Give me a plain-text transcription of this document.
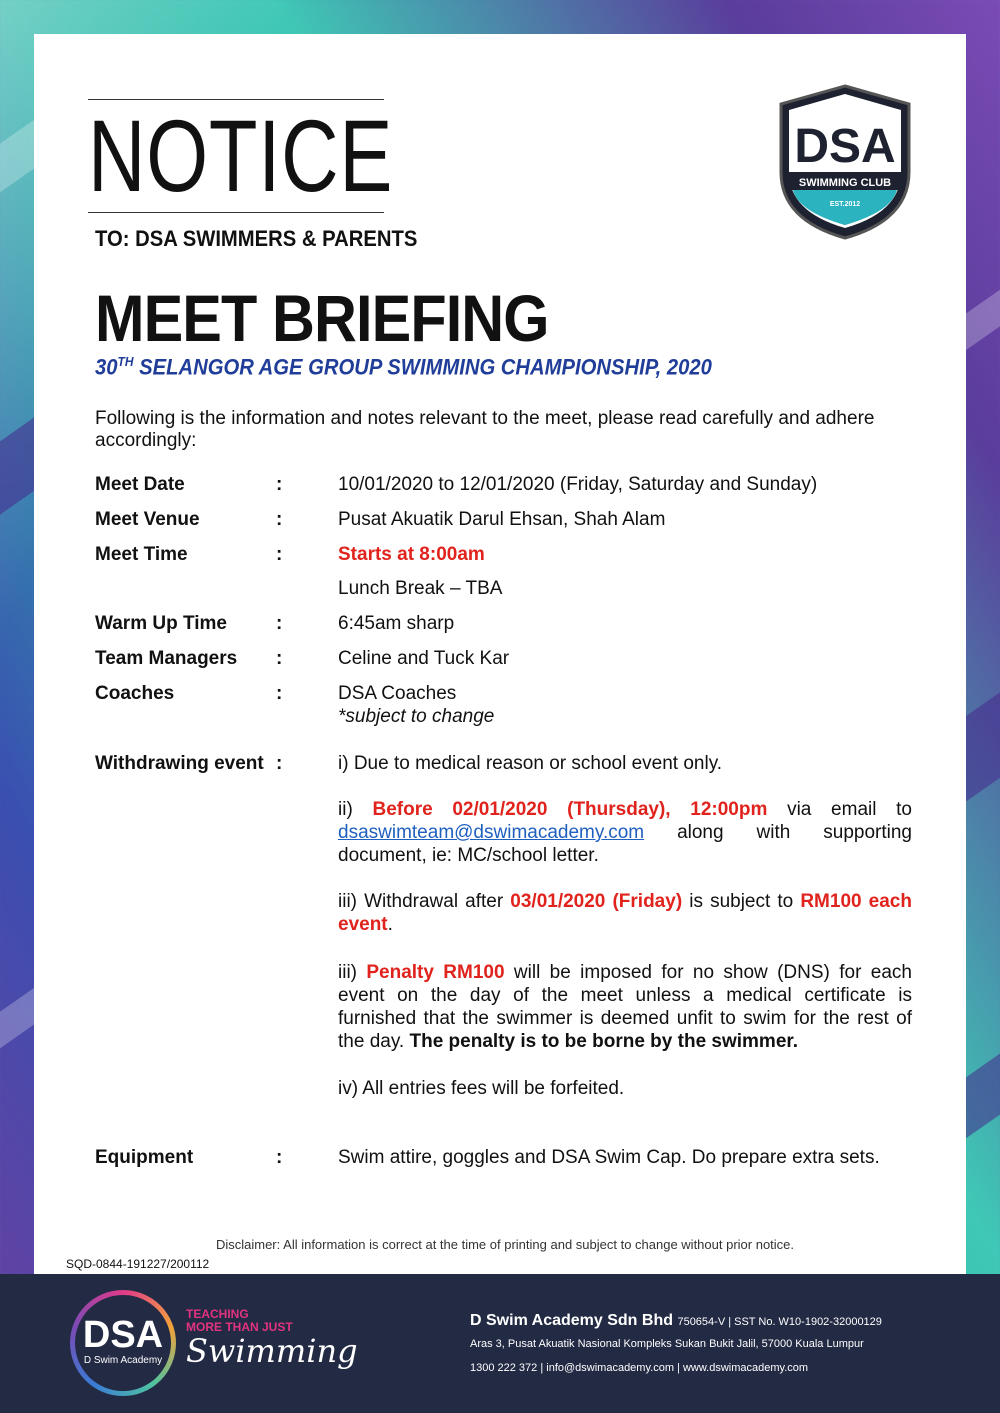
NOTICE
TO: DSA SWIMMERS & PARENTS
DSA
SWIMMING CLUB
EST.2012
MEET BRIEFING
30TH SELANGOR AGE GROUP SWIMMING CHAMPIONSHIP, 2020
Following is the information and notes relevant to the meet, please read carefully and adhere accordingly:
Meet Date	:	10/01/2020 to 12/01/2020 (Friday, Saturday and Sunday)
Meet Venue	:	Pusat Akuatik Darul Ehsan, Shah Alam
Meet Time	:	Starts at 8:00am
Lunch Break – TBA
Warm Up Time	:	6:45am sharp
Team Managers	:	Celine and Tuck Kar
Coaches	:	DSA Coaches
*subject to change
Withdrawing event :	i) Due to medical reason or school event only.
ii) Before 02/01/2020 (Thursday), 12:00pm via email to dsaswimteam@dswimacademy.com along with supporting document, ie: MC/school letter.
iii) Withdrawal after 03/01/2020 (Friday) is subject to RM100 each event.
iii) Penalty RM100 will be imposed for no show (DNS) for each event on the day of the meet unless a medical certificate is furnished that the swimmer is deemed unfit to swim for the rest of the day. The penalty is to be borne by the swimmer.
iv) All entries fees will be forfeited.
Equipment	:	Swim attire, goggles and DSA Swim Cap. Do prepare extra sets.
Disclaimer: All information is correct at the time of printing and subject to change without prior notice.
SQD-0844-191227/200112
DSA
D Swim Academy
TEACHING
MORE THAN JUST
Swimming
D Swim Academy Sdn Bhd 750654-V | SST No. W10-1902-32000129
Aras 3, Pusat Akuatik Nasional Kompleks Sukan Bukit Jalil, 57000 Kuala Lumpur
1300 222 372 | info@dswimacademy.com | www.dswimacademy.com
